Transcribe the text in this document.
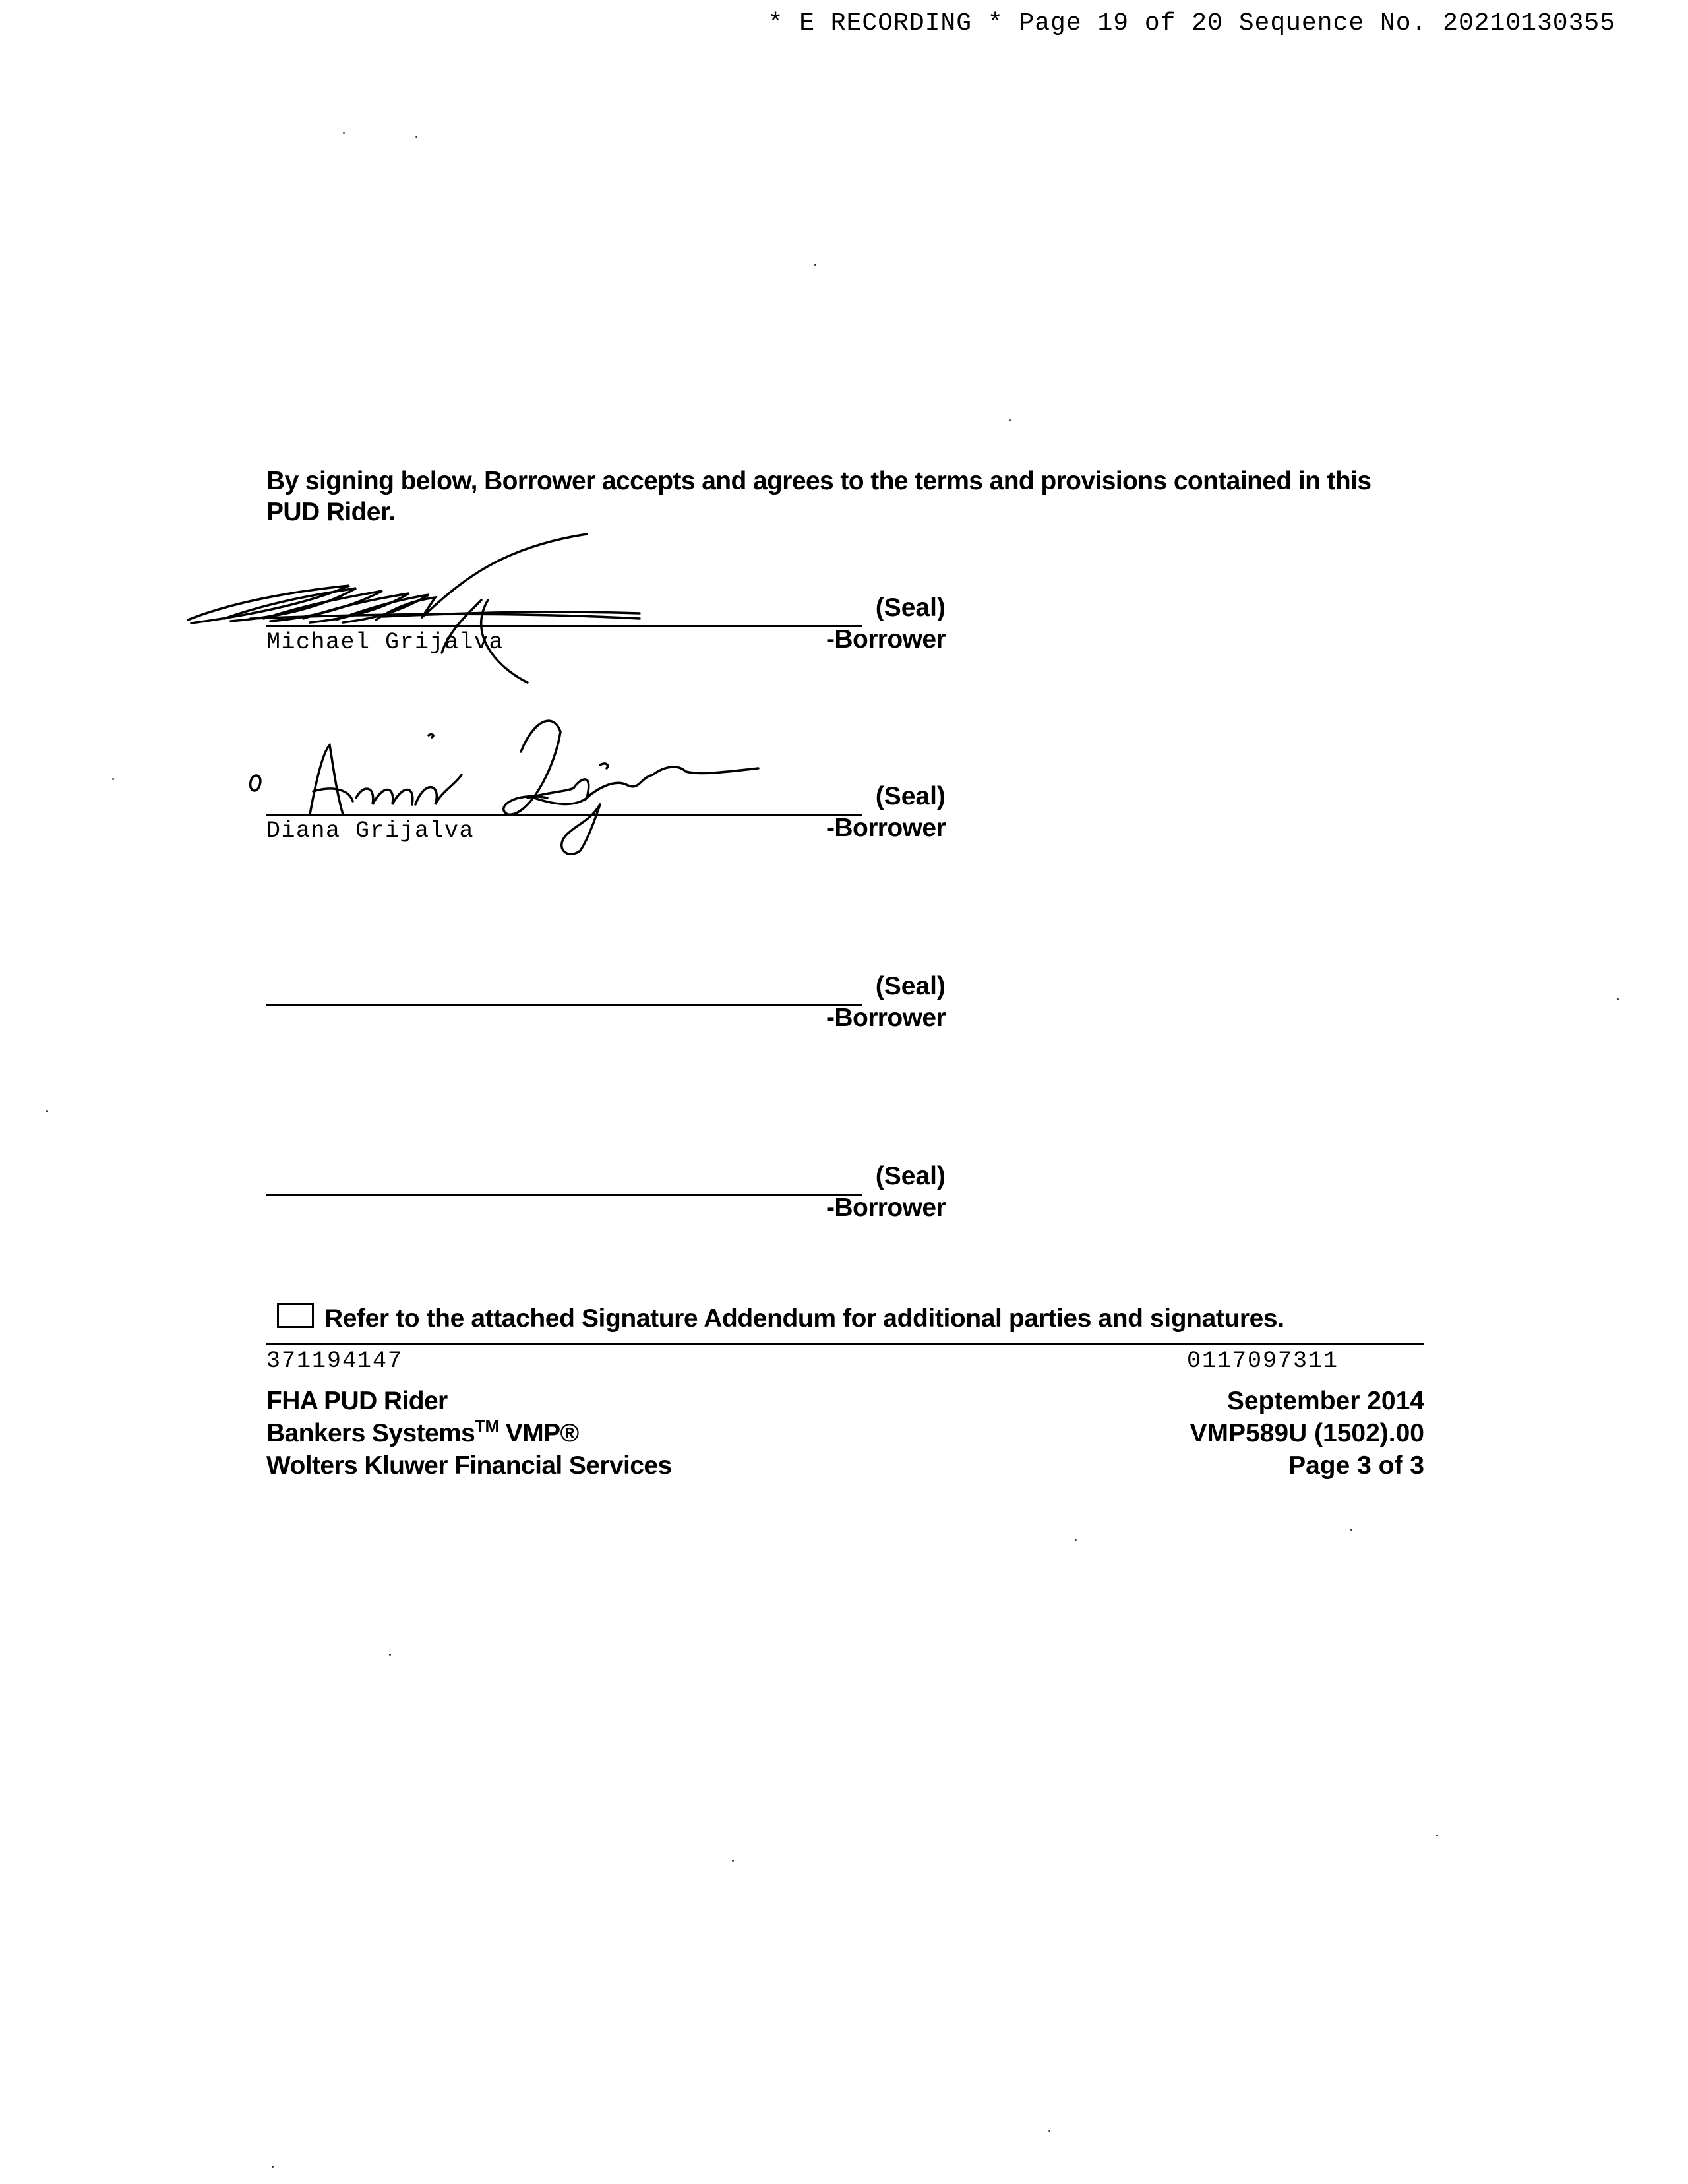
* E RECORDING * Page 19 of 20 Sequence No. 20210130355
By signing below, Borrower accepts and agrees to the terms and provisions contained in this PUD Rider.
(Seal)
-Borrower
Michael Grijalva
(Seal)
-Borrower
Diana Grijalva
(Seal)
-Borrower
(Seal)
-Borrower
Refer to the attached Signature Addendum for additional parties and signatures.
371194147	0117097311
FHA PUD Rider
Bankers Systems™ VMP®
Wolters Kluwer Financial Services
September 2014
VMP589U (1502).00
Page 3 of 3
